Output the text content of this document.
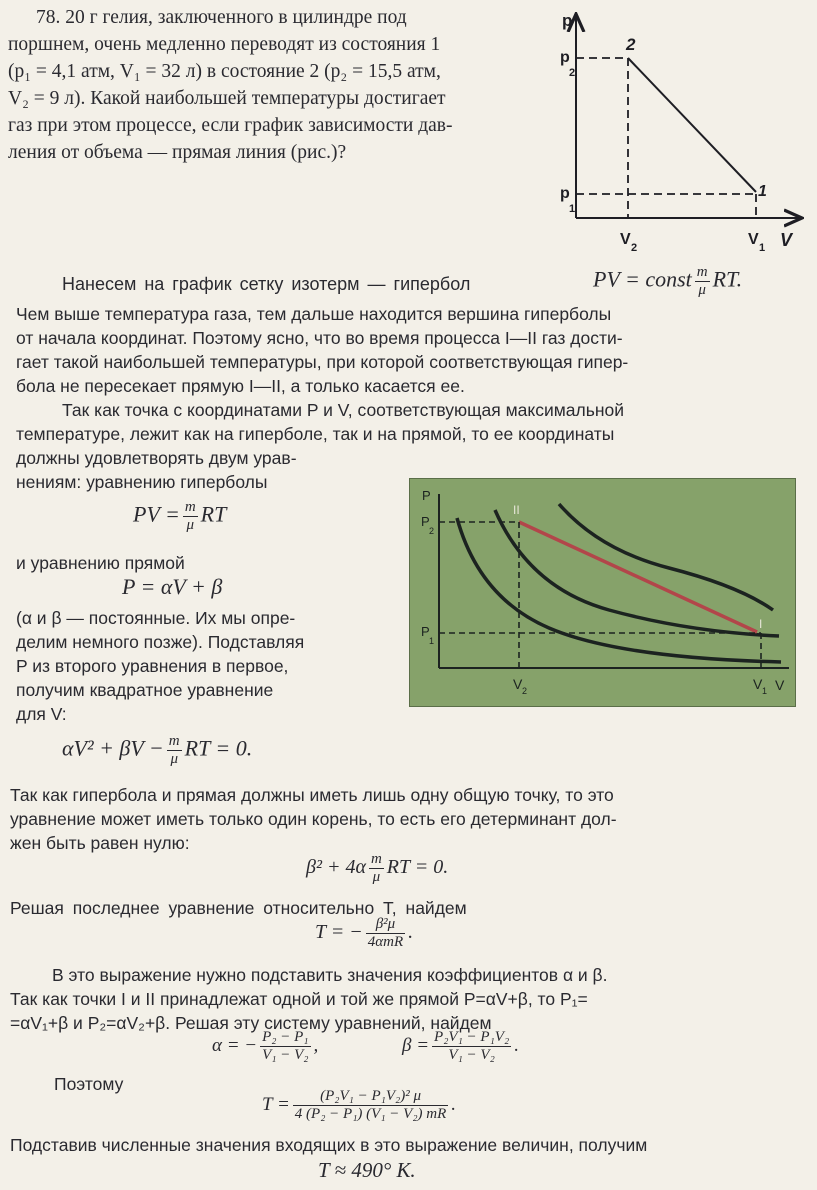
78. 20 г гелия, заключенного в цилиндре под
поршнем, очень медленно переводят из состояния 1
(p₁ = 4,1 атм, V₁ = 32 л) в состояние 2 (p₂ = 15,5 атм,
V₂ = 9 л). Какой наибольшей температуры достигает
газ при этом процессе, если график зависимости дав-
ления от объема — прямая линия (рис.)?
p
V
p
2
p
1
V 2	V 1
2
1
Нанесем на график сетку изотерм — гипербол	PV = const $\frac{m}{\mu}$ RT.
Чем выше температура газа, тем дальше находится вершина гиперболы
от начала координат. Поэтому ясно, что во время процесса I—II газ дости-
гает такой наибольшей температуры, при которой соответствующая гипер-
бола не пересекает прямую I—II, а только касается ее.
Так как точка с координатами P и V, соответствующая максимальной
температуре, лежит как на гиперболе, так и на прямой, то ее координаты
должны удовлетворять двум урав-
нениям: уравнению гиперболы
PV = $\frac{m}{\mu}$ RT
и уравнению прямой
P = αV + β
(α и β — постоянные. Их мы опре-
делим немного позже). Подставляя
P из второго уравнения в первое,
получим квадратное уравнение
для V:
$\alpha V^2 + \beta V - \frac{m}{\mu}$ RT = 0.
P
V
P
2
P
1
V 2	V 1
II
I
Так как гипербола и прямая должны иметь лишь одну общую точку, то это
уравнение может иметь только один корень, то есть его детерминант дол-
жен быть равен нулю:
$\beta^2 + 4\alpha \frac{m}{\mu}$ RT = 0.
Решая последнее уравнение относительно T, найдем
T = − $\frac{\text{β²μ}}{\text{4αmR}}$ .
В это выражение нужно подставить значения коэффициентов α и β.
Так как точки I и II принадлежат одной и той же прямой P=αV+β, то P₁=
=αV₁+β и P₂=αV₂+β. Решая эту систему уравнений, найдем
α = − $\frac{\text{P₂ − P₁}}{\text{V₁ − V₂}}$ ,	$\beta = \frac{\text{P₂V₁ − P₁V₂}}{\text{V₁ − V₂}}$ .
Поэтому
$T = \frac{\text{(P₂V₁ − P₁V₂)² μ}}{\text{4 (P₂ − P₁) (V₁ − V₂) mR}}$ .
Подставив численные значения входящих в это выражение величин, получим
T ≈ 490° К.
